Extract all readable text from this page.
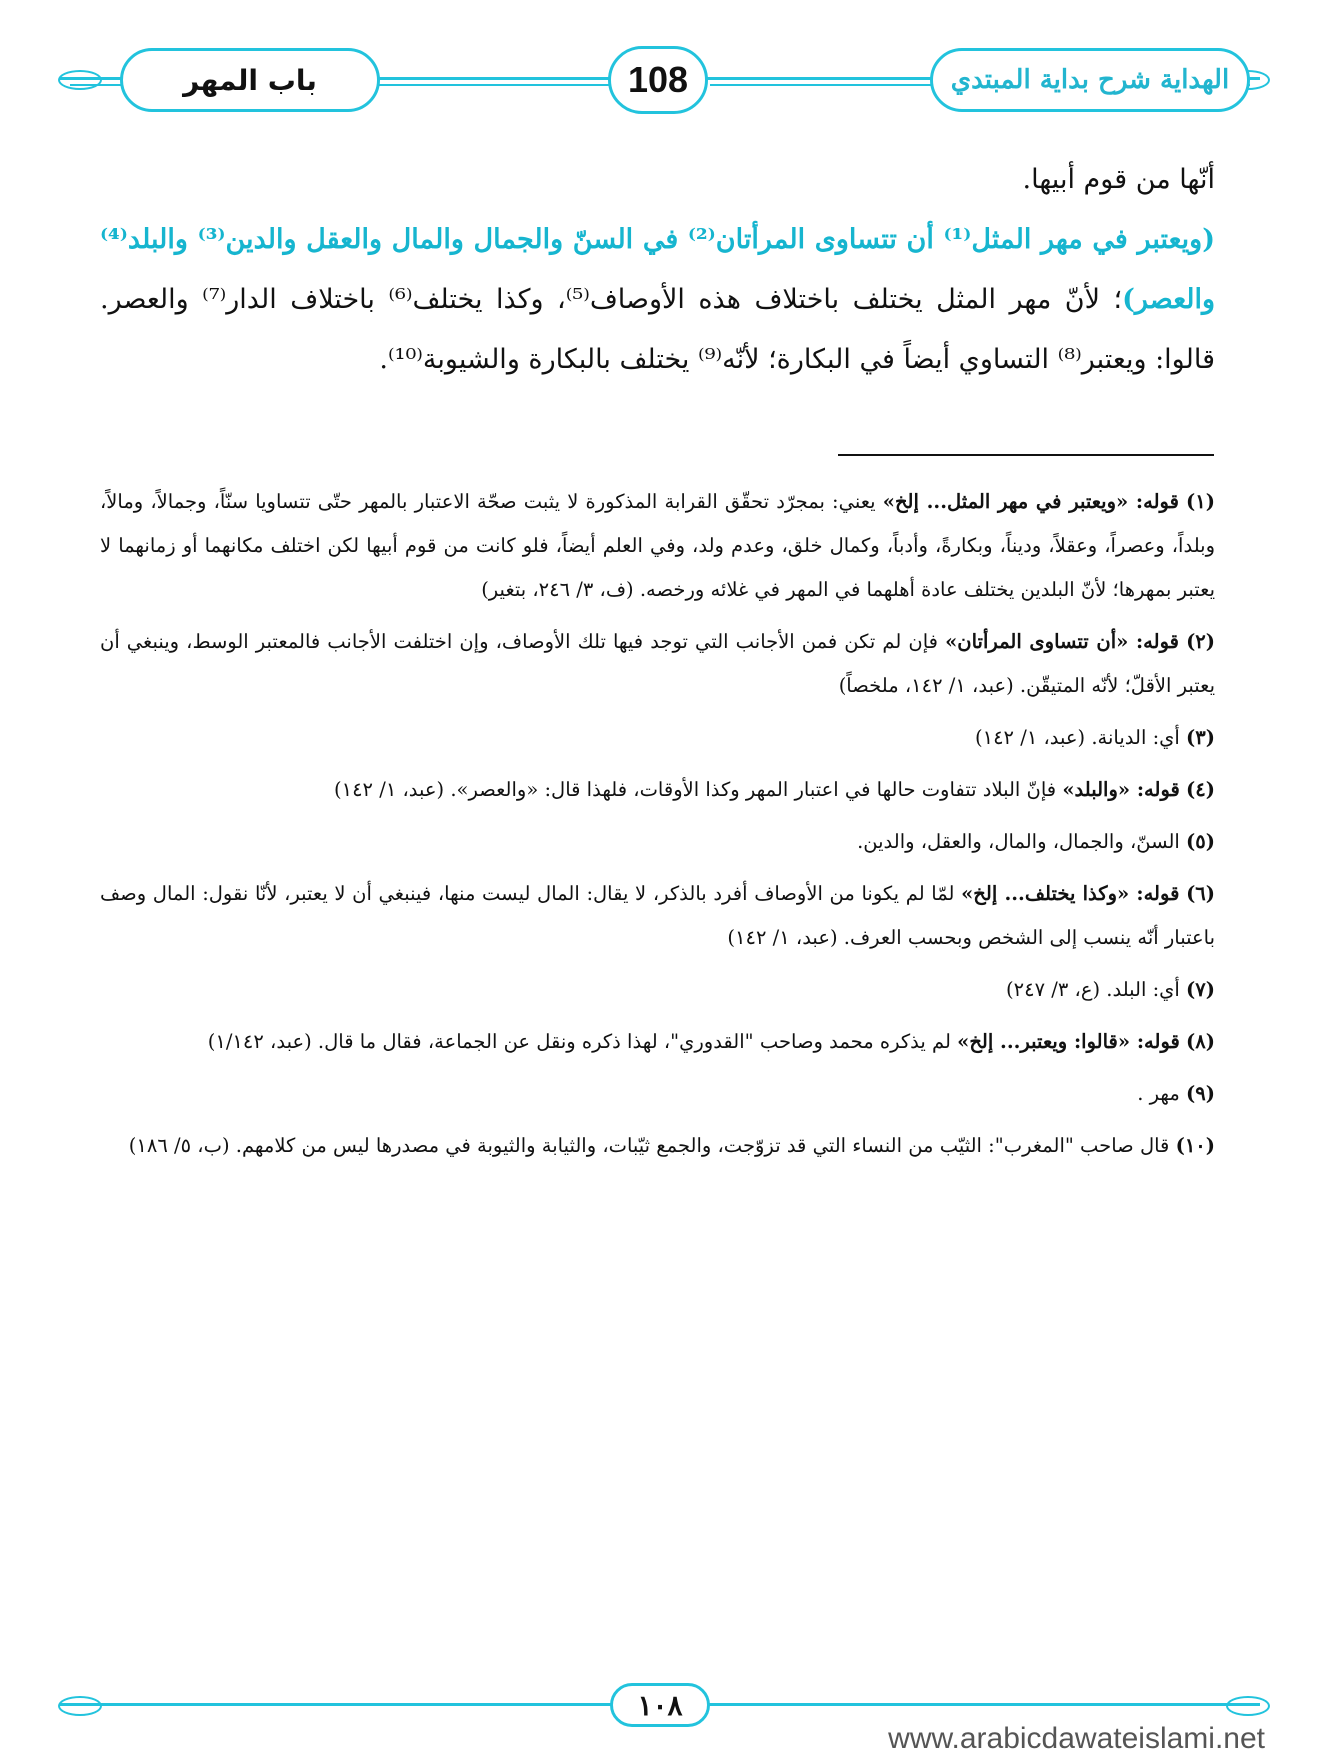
باب المهر	108	الهداية شرح بداية المبتدي

أنّها من قوم أبيها.

(ويعتبر في مهر المثل⁽¹⁾ أن تتساوى المرأتان⁽²⁾ في السنّ والجمال والمال والعقل والدين⁽³⁾ والبلد⁽⁴⁾ والعصر)؛ لأنّ مهر المثل يختلف باختلاف هذه الأوصاف⁽⁵⁾، وكذا يختلف⁽⁶⁾ باختلاف الدار⁽⁷⁾ والعصر. قالوا: ويعتبر⁽⁸⁾ التساوي أيضاً في البكارة؛ لأنّه⁽⁹⁾ يختلف بالبكارة والشيوبة⁽¹⁰⁾.

(١) قوله: «ويعتبر في مهر المثل... إلخ» يعني: بمجرّد تحقّق القرابة المذكورة لا يثبت صحّة الاعتبار بالمهر حتّى تتساويا سنّاً، وجمالاً، ومالاً، وبلداً، وعصراً، وعقلاً، وديناً، وبكارةً، وأدباً، وكمال خلق، وعدم ولد، وفي العلم أيضاً، فلو كانت من قوم أبيها لكن اختلف مكانهما أو زمانهما لا يعتبر بمهرها؛ لأنّ البلدين يختلف عادة أهلهما في المهر في غلائه ورخصه. (ف، ٣/ ٢٤٦، بتغير)

(٢) قوله: «أن تتساوى المرأتان» فإن لم تكن فمن الأجانب التي توجد فيها تلك الأوصاف، وإن اختلفت الأجانب فالمعتبر الوسط، وينبغي أن يعتبر الأقلّ؛ لأنّه المتيقّن. (عبد، ١/ ١٤٢، ملخصاً)

(٣) أي: الديانة. (عبد، ١/ ١٤٢)

(٤) قوله: «والبلد» فإنّ البلاد تتفاوت حالها في اعتبار المهر وكذا الأوقات، فلهذا قال: «والعصر». (عبد، ١/ ١٤٢)

(٥) السنّ، والجمال، والمال، والعقل، والدين.

(٦) قوله: «وكذا يختلف... إلخ» لمّا لم يكونا من الأوصاف أفرد بالذكر، لا يقال: المال ليست منها، فينبغي أن لا يعتبر، لأنّا نقول: المال وصف باعتبار أنّه ينسب إلى الشخص وبحسب العرف. (عبد، ١/ ١٤٢)

(٧) أي: البلد. (ع، ٣/ ٢٤٧)

(٨) قوله: «قالوا: ويعتبر... إلخ» لم يذكره محمد وصاحب "القدوري"، لهذا ذكره ونقل عن الجماعة، فقال ما قال. (عبد، ١/١٤٢)

(٩) مهر .

(١٠) قال صاحب "المغرب": الثيّب من النساء التي قد تزوّجت، والجمع ثيّبات، والثيابة والثيوبة في مصدرها ليس من كلامهم. (ب، ٥/ ١٨٦)

١٠٨
www.arabicdawateislami.net
